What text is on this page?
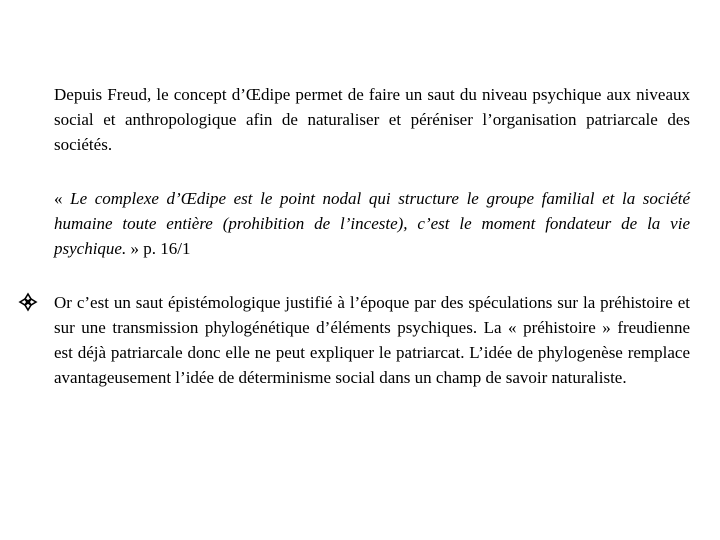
Depuis Freud, le concept d’Œdipe permet de faire un saut du niveau psychique aux niveaux social et anthropologique afin de naturaliser et péréniser l’organisation patriarcale des sociétés.

« Le complexe d’Œdipe est le point nodal qui structure le groupe familial et la société humaine toute entière (prohibition de l’inceste), c’est le moment fondateur de la vie psychique. » p. 16/1

Or c’est un saut épistémologique justifié à l’époque par des spéculations sur la préhistoire et sur une transmission phylogénétique d’éléments psychiques. La « préhistoire » freudienne est déjà patriarcale donc elle ne peut expliquer le patriarcat. L’idée de phylogenèse remplace avantageusement l’idée de déterminisme social dans un champ de savoir naturaliste.
